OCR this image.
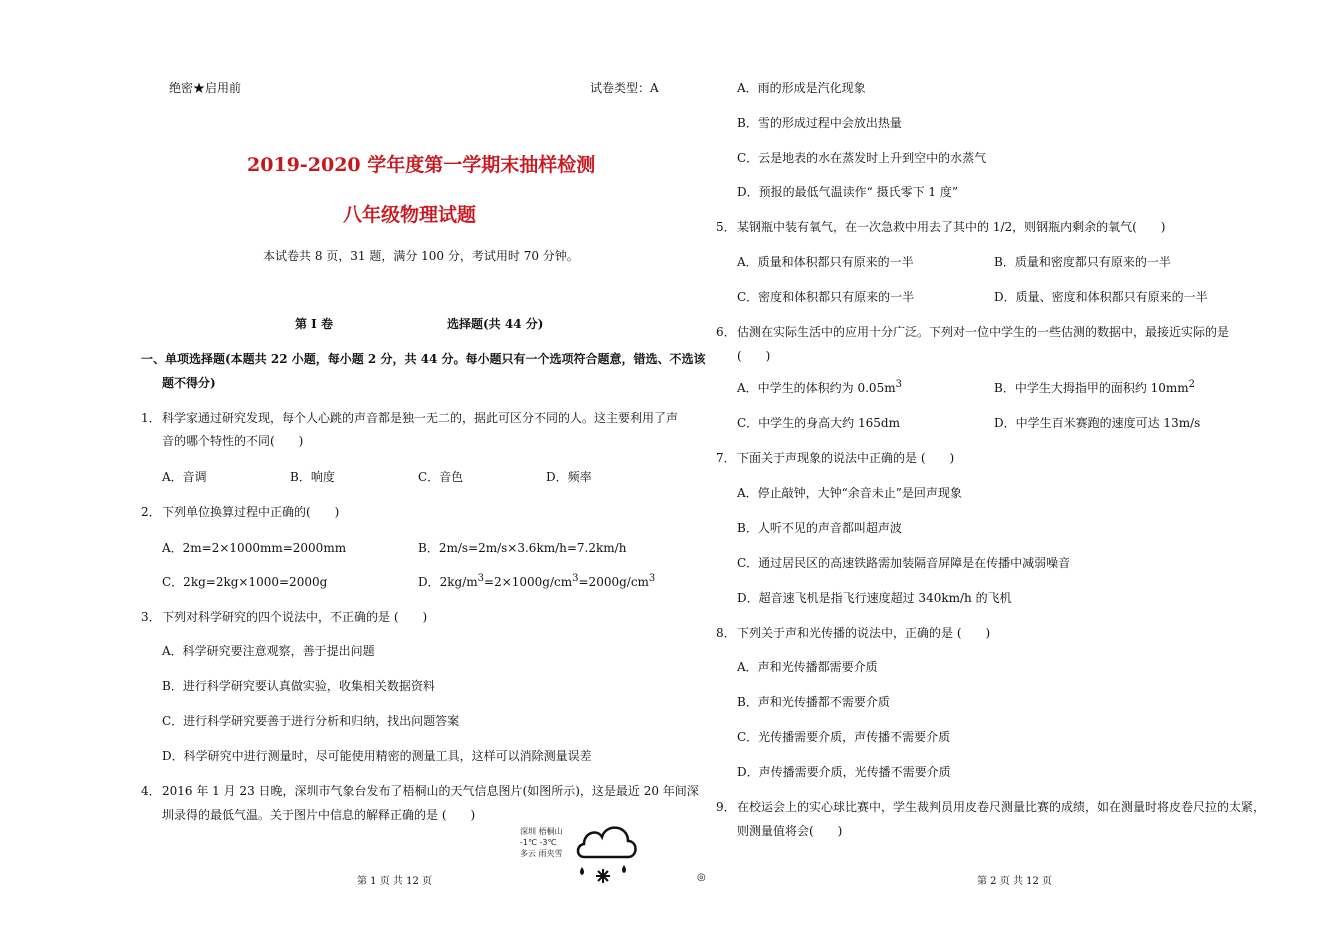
绝密★启用前	试卷类型：A
2019-2020 学年度第一学期末抽样检测
八年级物理试题
本试卷共 8 页，31 题，满分 100 分，考试用时 70 分钟。
第 I 卷	选择题(共 44 分)
一、单项选择题(本题共 22 小题，每小题 2 分，共 44 分。每小题只有一个选项符合题意，错选、不选该
题不得分)
1． 科学家通过研究发现，每个人心跳的声音都是独一无二的，据此可区分不同的人。这主要利用了声
音的哪个特性的不同(　　)
A．音调	B．响度	C．音色	D．频率
2． 下列单位换算过程中正确的(　　)
A．2m=2×1000mm=2000mm	B．2m/s=2m/s×3.6km/h=7.2km/h
C．2kg=2kg×1000=2000g	D．2kg/m$^3$=2×1000g/cm$^3$=2000g/cm$^3$
3． 下列对科学研究的四个说法中，不正确的是 (　　)
A．科学研究要注意观察，善于提出问题
B．进行科学研究要认真做实验，收集相关数据资料
C．进行科学研究要善于进行分析和归纳，找出问题答案
D．科学研究中进行测量时，尽可能使用精密的测量工具，这样可以消除测量误差
4． 2016 年 1 月 23 日晚，深圳市气象台发布了梧桐山的天气信息图片(如图所示)，这是最近 20 年间深
圳录得的最低气温。关于图片中信息的解释正确的是 (　　)
深圳 梧桐山
-1℃ -3℃
多云 雨夹雪
第 1 页 共 12 页	◎
A．雨的形成是汽化现象
B．雪的形成过程中会放出热量
C．云是地表的水在蒸发时上升到空中的水蒸气
D．预报的最低气温读作“ 摄氏零下 1 度”
5． 某钢瓶中装有氧气，在一次急救中用去了其中的 1/2，则钢瓶内剩余的氧气(　　)
A．质量和体积都只有原来的一半	B．质量和密度都只有原来的一半
C．密度和体积都只有原来的一半	D．质量、密度和体积都只有原来的一半
6． 估测在实际生活中的应用十分广泛。下列对一位中学生的一些估测的数据中，最接近实际的是
(　　)
A．中学生的体积约为 0.05m$^3$	B．中学生大拇指甲的面积约 10mm$^2$
C．中学生的身高大约 165dm	D．中学生百米赛跑的速度可达 13m/s
7． 下面关于声现象的说法中正确的是 (　　)
A．停止敲钟，大钟“余音未止”是回声现象
B．人听不见的声音都叫超声波
C．通过居民区的高速铁路需加装隔音屏障是在传播中减弱噪音
D．超音速飞机是指飞行速度超过 340km/h 的飞机
8． 下列关于声和光传播的说法中，正确的是 (　　)
A．声和光传播都需要介质
B．声和光传播都不需要介质
C．光传播需要介质，声传播不需要介质
D．声传播需要介质，光传播不需要介质
9． 在校运会上的实心球比赛中，学生裁判员用皮卷尺测量比赛的成绩，如在测量时将皮卷尺拉的太紧，
则测量值将会(　　)
第 2 页 共 12 页
